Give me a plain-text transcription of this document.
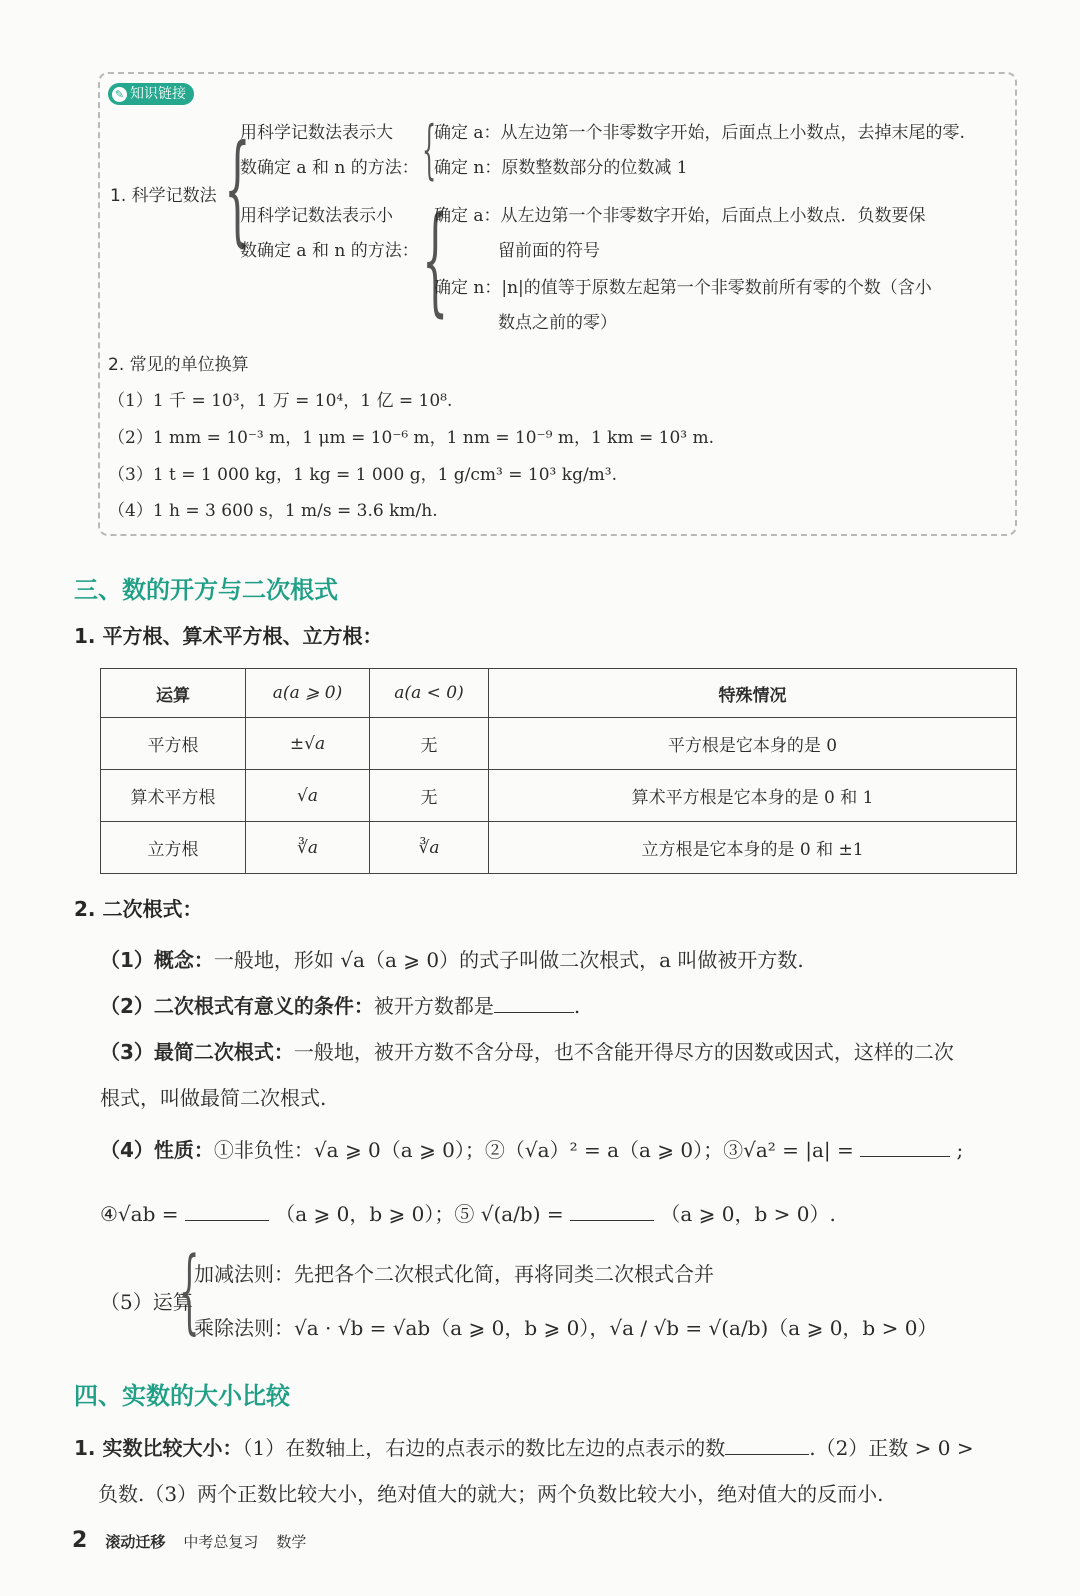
✎ 知识链接
1. 科学记数法 {
用科学记数法表示大
数确定 a 和 n 的方法： {
确定 a：从左边第一个非零数字开始，后面点上小数点，去掉末尾的零.
确定 n：原数整数部分的位数减 1
用科学记数法表示小
数确定 a 和 n 的方法： {
确定 a：从左边第一个非零数字开始，后面点上小数点．负数要保
留前面的符号
确定 n：|n|的值等于原数左起第一个非零数前所有零的个数（含小
数点之前的零）
2. 常见的单位换算
（1）1 千 = 10³，1 万 = 10⁴，1 亿 = 10⁸.
（2）1 mm = 10⁻³ m，1 μm = 10⁻⁶ m，1 nm = 10⁻⁹ m，1 km = 10³ m.
（3）1 t = 1 000 kg，1 kg = 1 000 g，1 g/cm³ = 10³ kg/m³.
（4）1 h = 3 600 s，1 m/s = 3.6 km/h.
三、数的开方与二次根式
1. 平方根、算术平方根、立方根：
运算	a(a ⩾ 0)	a(a < 0)	特殊情况
平方根	±√a	无	平方根是它本身的是 0
算术平方根	√a	无	算术平方根是它本身的是 0 和 1
立方根	∛a	∛a	立方根是它本身的是 0 和 ±1
2. 二次根式：
（1）概念：一般地，形如 √a（a ⩾ 0）的式子叫做二次根式，a 叫做被开方数.
（2）二次根式有意义的条件：被开方数都是	.
（3）最简二次根式：一般地，被开方数不含分母，也不含能开得尽方的因数或因式，这样的二次
根式，叫做最简二次根式.
（4）性质：①非负性：√a ⩾ 0（a ⩾ 0）；②（√a）² = a（a ⩾ 0）；③√a² = |a| =	;
④√ab =	（a ⩾ 0，b ⩾ 0）；⑤ √(a/b) =	（a ⩾ 0，b > 0）.
（5）运算
{
加减法则：先把各个二次根式化简，再将同类二次根式合并
乘除法则：√a · √b = √ab（a ⩾ 0，b ⩾ 0），√a / √b = √(a/b)（a ⩾ 0，b > 0）
四、实数的大小比较
1. 实数比较大小：（1）在数轴上，右边的点表示的数比左边的点表示的数	.（2）正数 > 0 >
负数.（3）两个正数比较大小，绝对值大的就大；两个负数比较大小，绝对值大的反而小.
2 滚动迁移 中考总复习 数学
